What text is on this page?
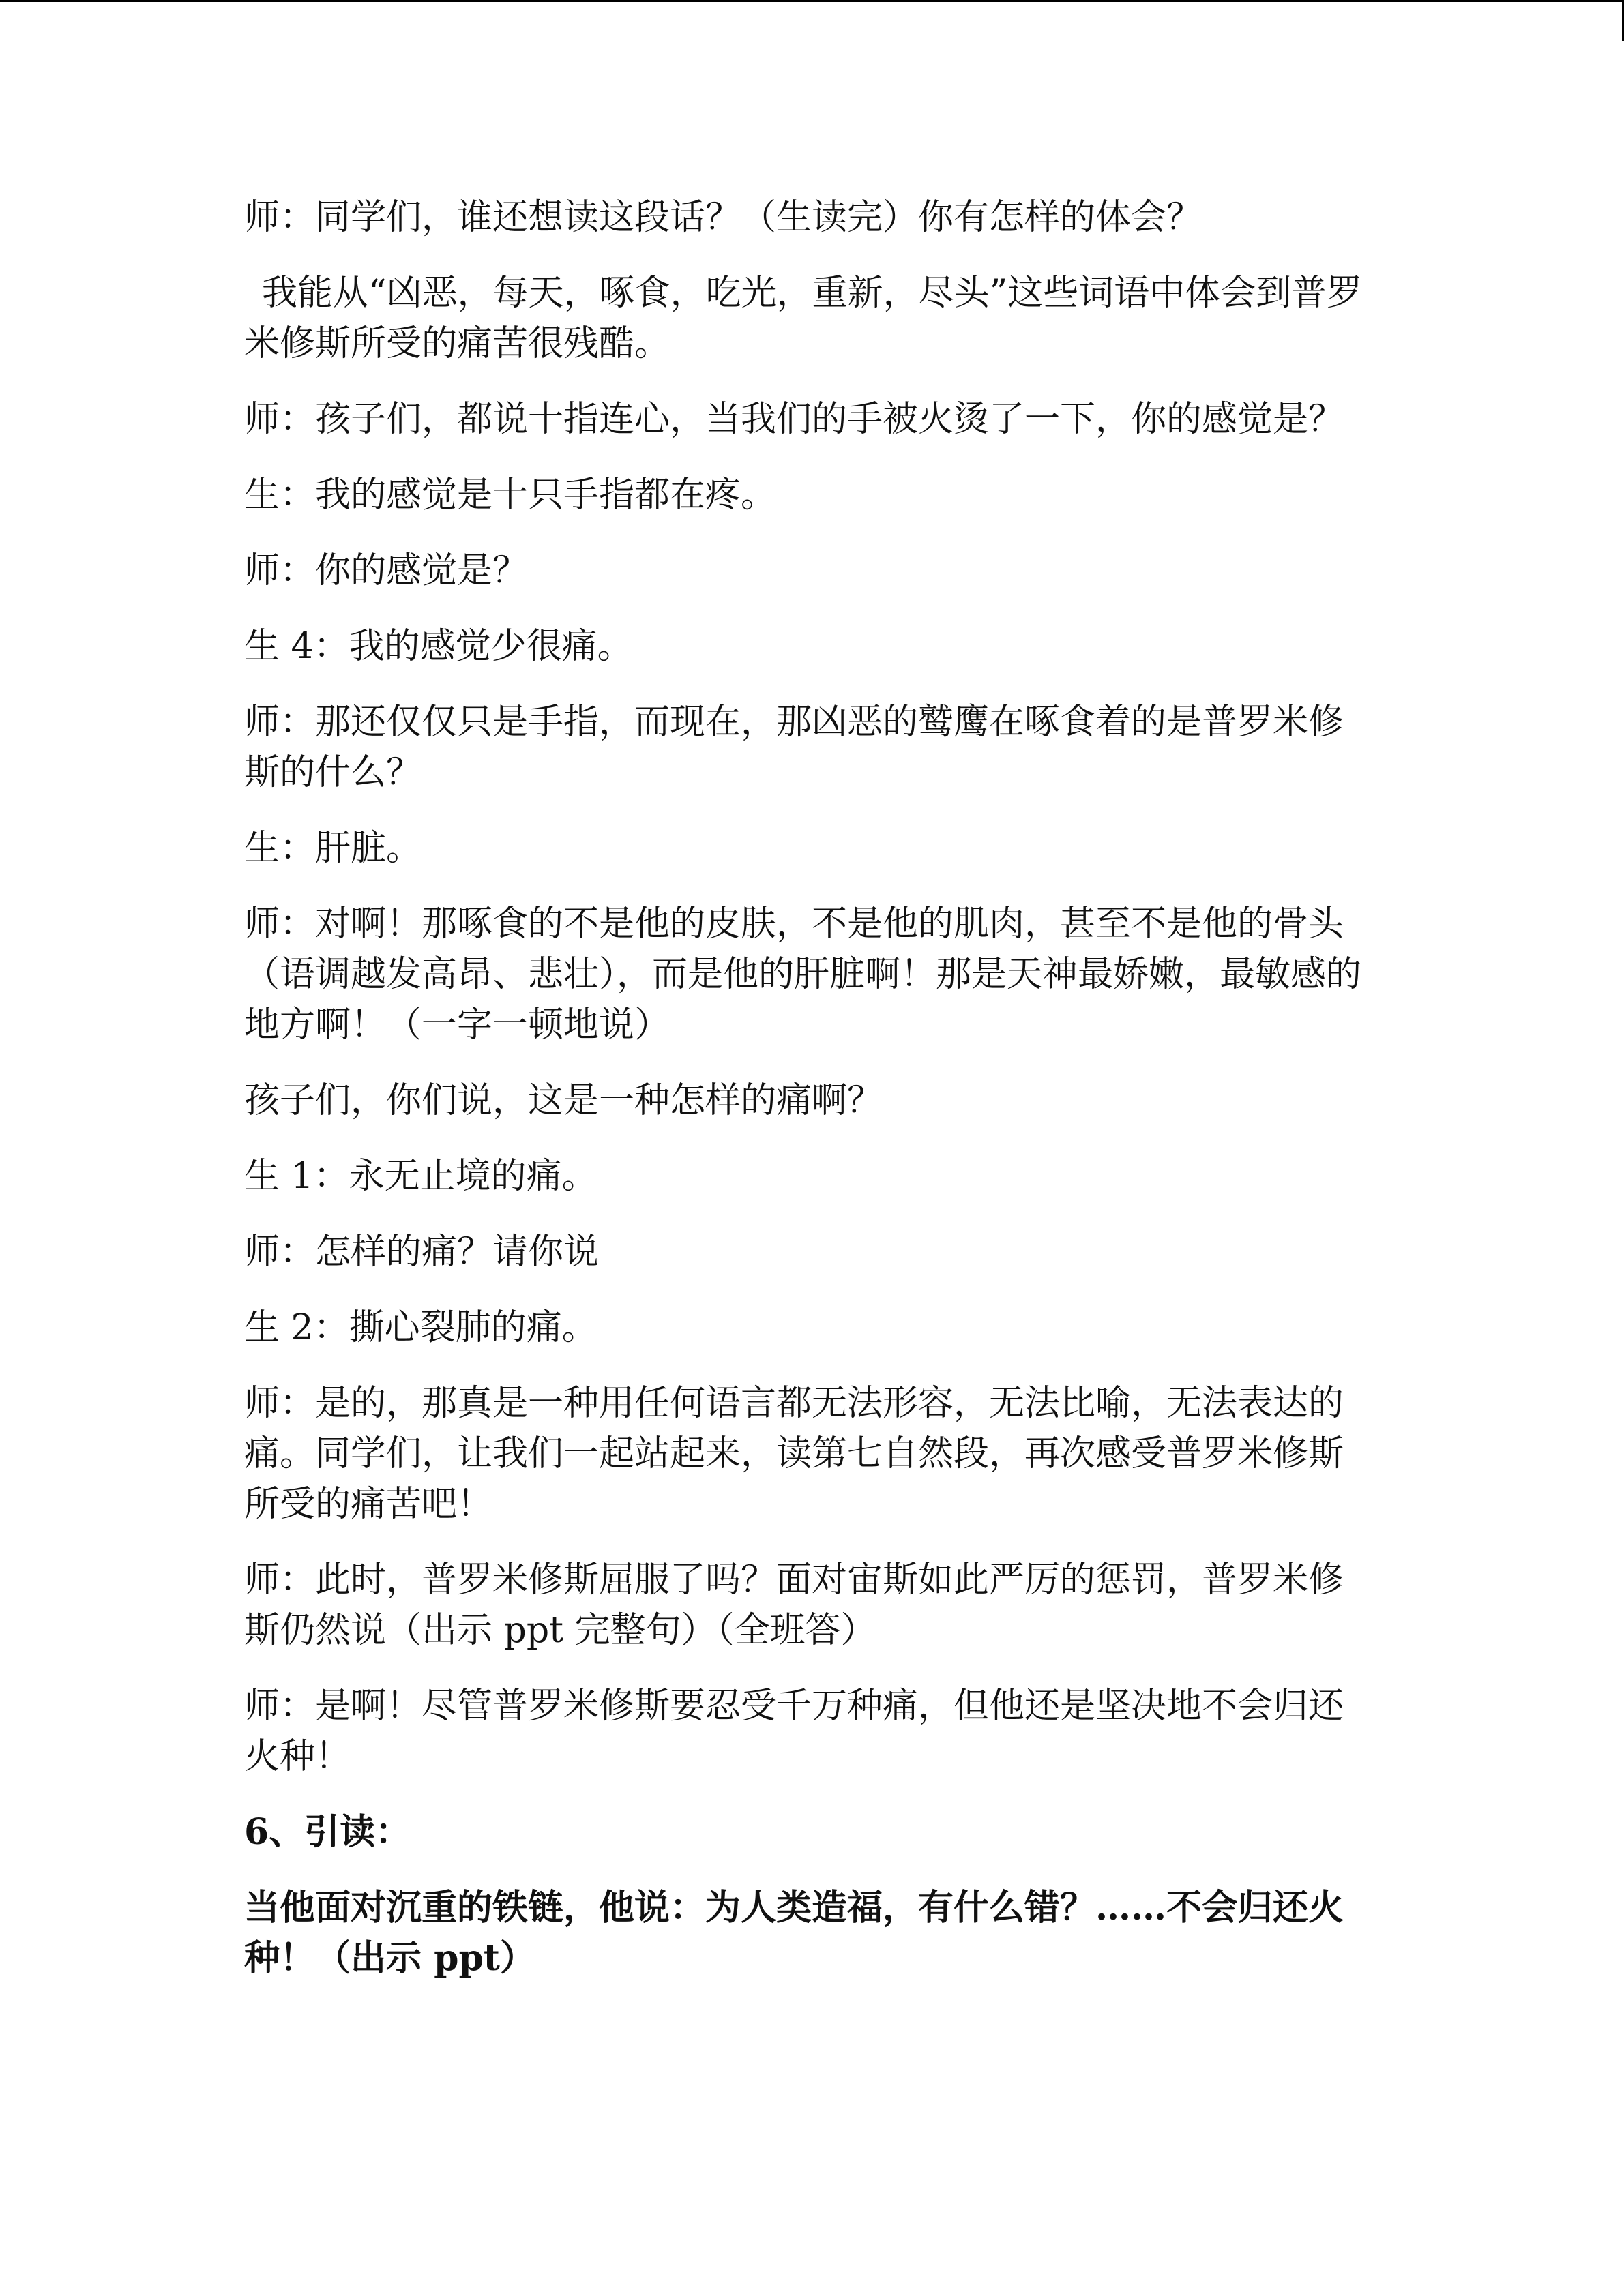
师：同学们，谁还想读这段话？（生读完）你有怎样的体会？

我能从“凶恶，每天，啄食，吃光，重新，尽头”这些词语中体会到普罗米修斯所受的痛苦很残酷。

师：孩子们，都说十指连心，当我们的手被火烫了一下，你的感觉是？

生：我的感觉是十只手指都在疼。

师：你的感觉是？

生 4：我的感觉少很痛。

师：那还仅仅只是手指，而现在，那凶恶的鹫鹰在啄食着的是普罗米修斯的什么？

生：肝脏。

师：对啊！那啄食的不是他的皮肤，不是他的肌肉，甚至不是他的骨头（语调越发高昂、悲壮），而是他的肝脏啊！那是天神最娇嫩，最敏感的地方啊！（一字一顿地说）

孩子们，你们说，这是一种怎样的痛啊？

生 1：永无止境的痛。

师：怎样的痛？请你说

生 2：撕心裂肺的痛。

师：是的，那真是一种用任何语言都无法形容，无法比喻，无法表达的痛。同学们，让我们一起站起来，读第七自然段，再次感受普罗米修斯所受的痛苦吧！

师：此时，普罗米修斯屈服了吗？面对宙斯如此严厉的惩罚，普罗米修斯仍然说（出示 ppt 完整句）（全班答）

师：是啊！尽管普罗米修斯要忍受千万种痛，但他还是坚决地不会归还火种！

6、引读：

当他面对沉重的铁链，他说：为人类造福，有什么错？……不会归还火种！（出示 ppt）
